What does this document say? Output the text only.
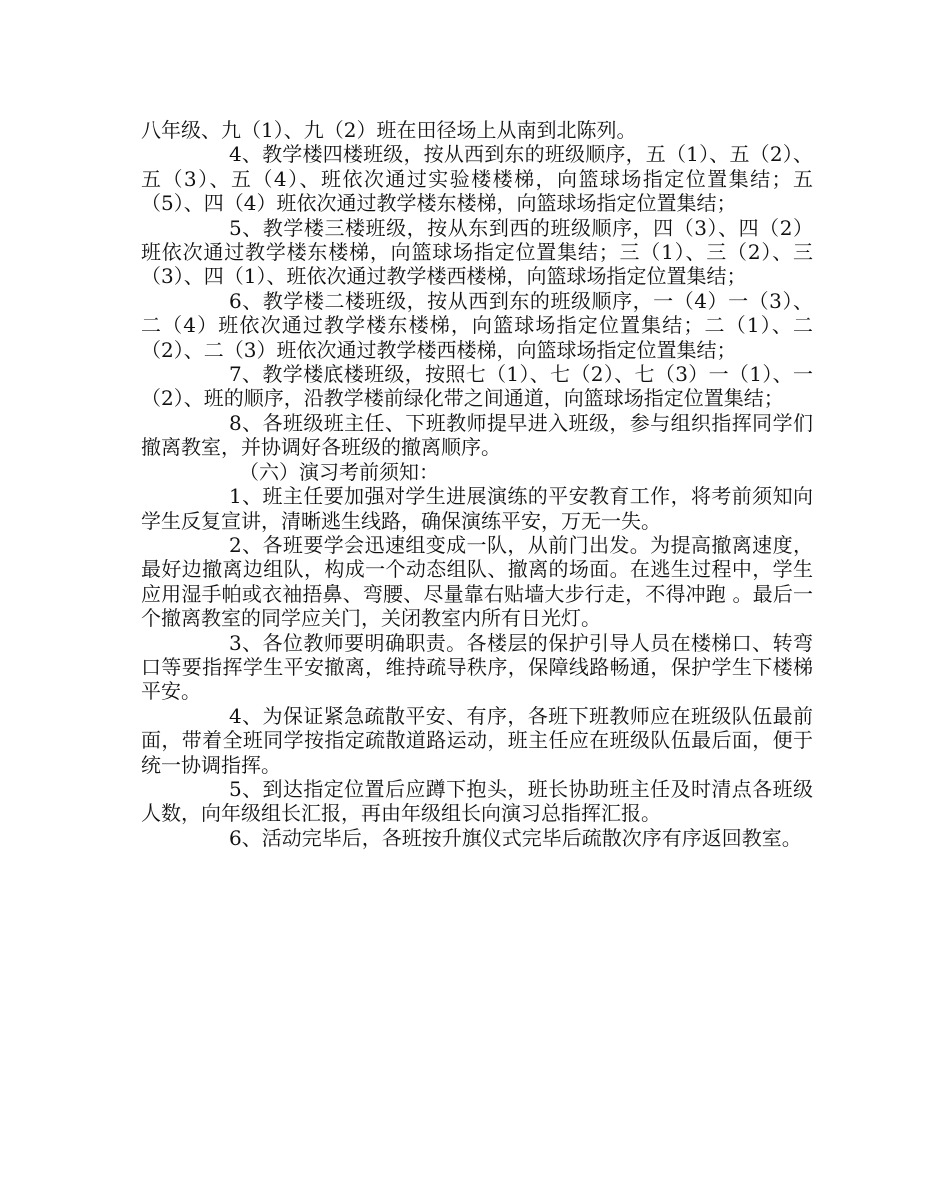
八年级、九（1）、九（2）班在田径场上从南到北陈列。

4、教学楼四楼班级，按从西到东的班级顺序，五（1）、五（2）、五（3）、五（4）、班依次通过实验楼楼梯，向篮球场指定位置集结；五（5）、四（4）班依次通过教学楼东楼梯，向篮球场指定位置集结；

5、教学楼三楼班级，按从东到西的班级顺序，四（3）、四（2）班依次通过教学楼东楼梯，向篮球场指定位置集结；三（1）、三（2）、三（3）、四（1）、班依次通过教学楼西楼梯，向篮球场指定位置集结；

6、教学楼二楼班级，按从西到东的班级顺序，一（4）一（3）、二（4）班依次通过教学楼东楼梯，向篮球场指定位置集结；二（1）、二（2）、二（3）班依次通过教学楼西楼梯，向篮球场指定位置集结；

7、教学楼底楼班级，按照七（1）、七（2）、七（3）一（1）、一（2）、班的顺序，沿教学楼前绿化带之间通道，向篮球场指定位置集结；

8、各班级班主任、下班教师提早进入班级，参与组织指挥同学们撤离教室，并协调好各班级的撤离顺序。

（六）演习考前须知：

1、班主任要加强对学生进展演练的平安教育工作，将考前须知向学生反复宣讲，清晰逃生线路，确保演练平安，万无一失。

2、各班要学会迅速组变成一队，从前门出发。为提高撤离速度，最好边撤离边组队，构成一个动态组队、撤离的场面。在逃生过程中，学生应用湿手帕或衣袖捂鼻、弯腰、尽量靠右贴墙大步行走，不得冲跑 。最后一个撤离教室的同学应关门，关闭教室内所有日光灯。

3、各位教师要明确职责。各楼层的保护引导人员在楼梯口、转弯口等要指挥学生平安撤离，维持疏导秩序，保障线路畅通，保护学生下楼梯平安。

4、为保证紧急疏散平安、有序，各班下班教师应在班级队伍最前面，带着全班同学按指定疏散道路运动，班主任应在班级队伍最后面，便于统一协调指挥。

5、到达指定位置后应蹲下抱头，班长协助班主任及时清点各班级人数，向年级组长汇报，再由年级组长向演习总指挥汇报。

6、活动完毕后，各班按升旗仪式完毕后疏散次序有序返回教室。
